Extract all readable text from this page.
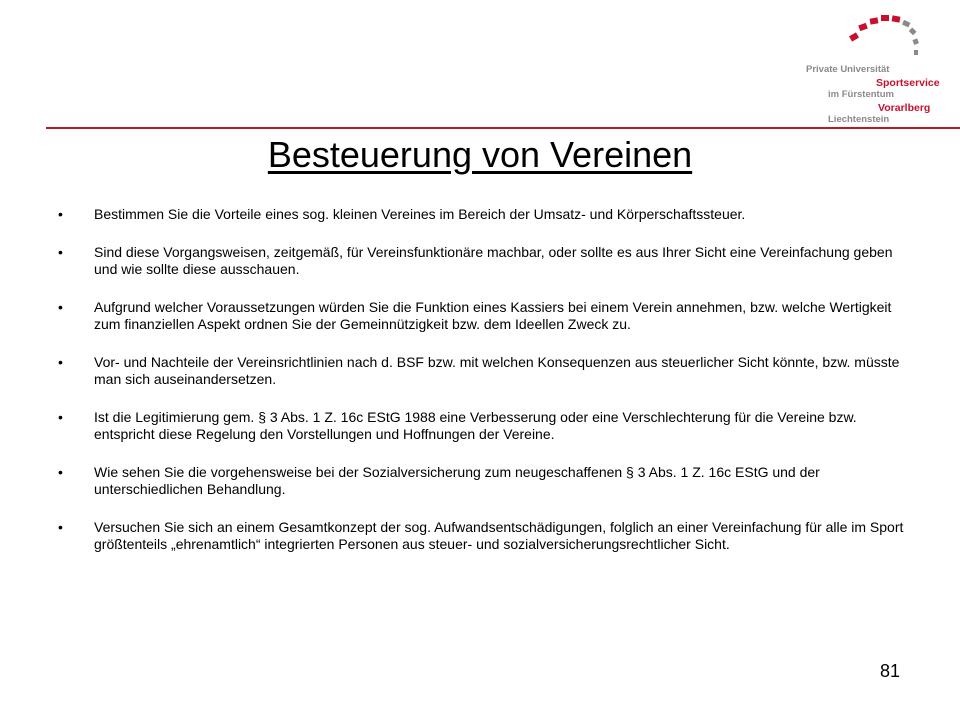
Private Universität
Sportservice
im Fürstentum
Vorarlberg
Liechtenstein
Besteuerung von Vereinen
• Bestimmen Sie die Vorteile eines sog. kleinen Vereines im Bereich der Umsatz- und Körperschaftssteuer.
• Sind diese Vorgangsweisen, zeitgemäß, für Vereinsfunktionäre machbar, oder sollte es aus Ihrer Sicht eine Vereinfachung geben und wie sollte diese ausschauen.
• Aufgrund welcher Voraussetzungen würden Sie die Funktion eines Kassiers bei einem Verein annehmen, bzw. welche Wertigkeit zum finanziellen Aspekt ordnen Sie der Gemeinnützigkeit bzw. dem Ideellen Zweck zu.
• Vor- und Nachteile der Vereinsrichtlinien nach d. BSF bzw. mit welchen Konsequenzen aus steuerlicher Sicht könnte, bzw. müsste man sich auseinandersetzen.
• Ist die Legitimierung gem. § 3 Abs. 1 Z. 16c EStG 1988 eine Verbesserung oder eine Verschlechterung für die Vereine bzw. entspricht diese Regelung den Vorstellungen und Hoffnungen der Vereine.
• Wie sehen Sie die vorgehensweise bei der Sozialversicherung zum neugeschaffenen § 3 Abs. 1 Z. 16c EStG und der unterschiedlichen Behandlung.
• Versuchen Sie sich an einem Gesamtkonzept der sog. Aufwandsentschädigungen, folglich an einer Vereinfachung für alle im Sport größtenteils „ehrenamtlich“ integrierten Personen aus steuer- und sozialversicherungsrechtlicher Sicht.
81
